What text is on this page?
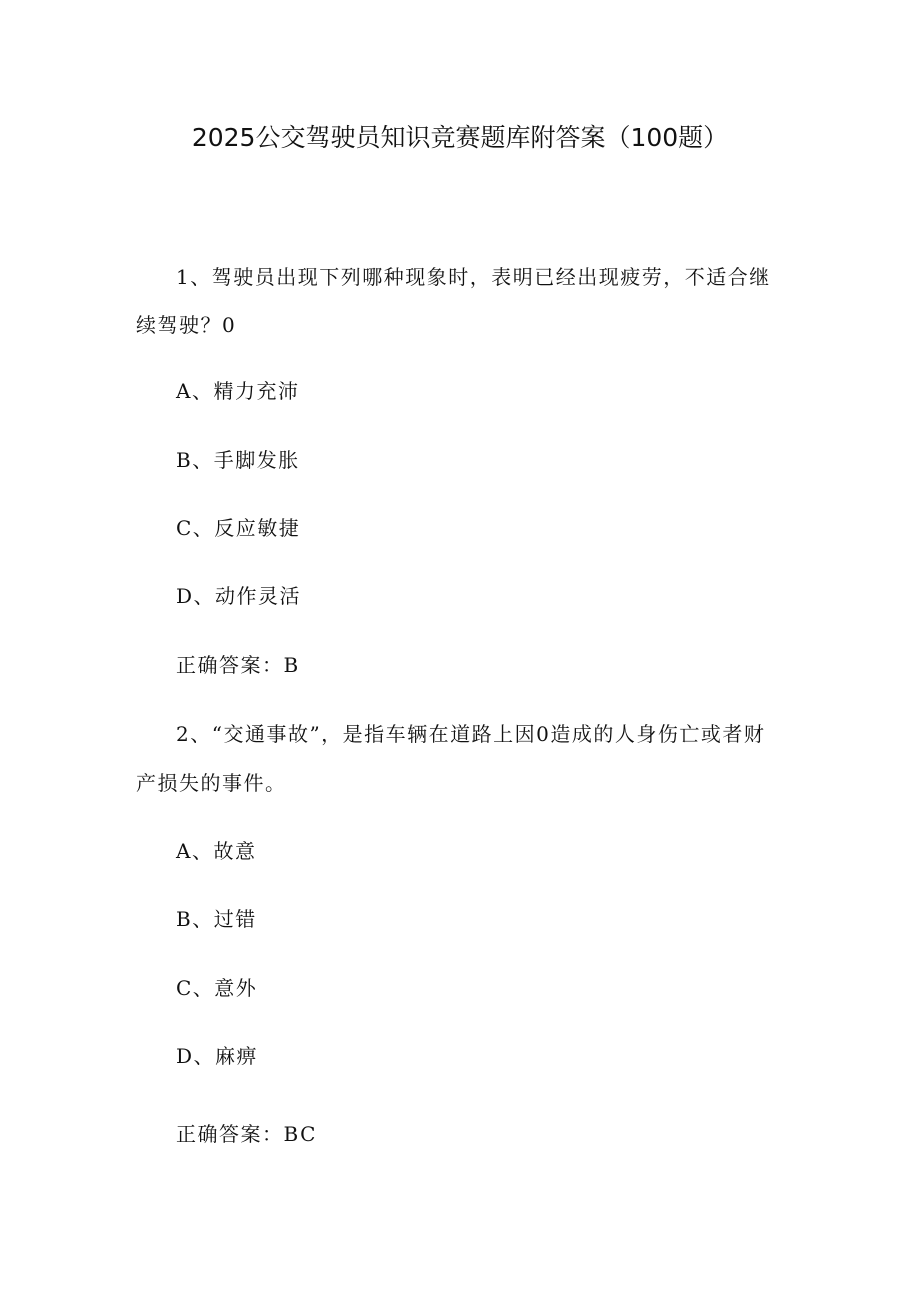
2025公交驾驶员知识竞赛题库附答案（100题）
1、驾驶员出现下列哪种现象时，表明已经出现疲劳，不适合继
续驾驶？0
A、精力充沛
B、手脚发胀
C、反应敏捷
D、动作灵活
正确答案：B
2、“交通事故”，是指车辆在道路上因0造成的人身伤亡或者财
产损失的事件。
A、故意
B、过错
C、意外
D、麻痹
正确答案：BC
